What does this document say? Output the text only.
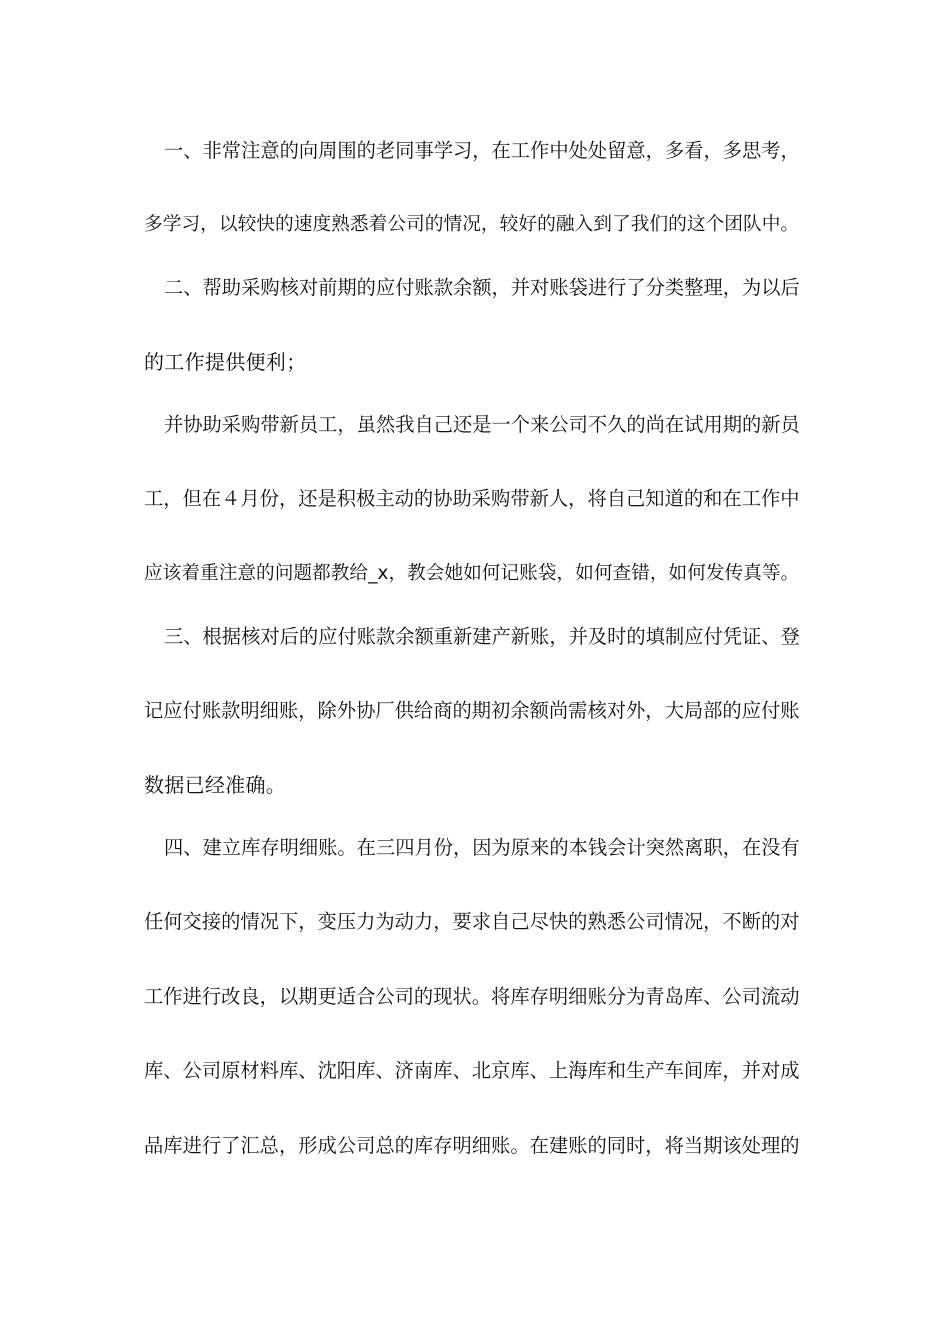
一、非常注意的向周围的老同事学习，在工作中处处留意，多看，多思考，
多学习，以较快的速度熟悉着公司的情况，较好的融入到了我们的这个团队中。
二、帮助采购核对前期的应付账款余额，并对账袋进行了分类整理，为以后
的工作提供便利；
并协助采购带新员工，虽然我自己还是一个来公司不久的尚在试用期的新员
工，但在４月份，还是积极主动的协助采购带新人，将自己知道的和在工作中
应该着重注意的问题都教给_x，教会她如何记账袋，如何查错，如何发传真等。
三、根据核对后的应付账款余额重新建产新账，并及时的填制应付凭证、登
记应付账款明细账，除外协厂供给商的期初余额尚需核对外，大局部的应付账
数据已经准确。
四、建立库存明细账。在三四月份，因为原来的本钱会计突然离职，在没有
任何交接的情况下，变压力为动力，要求自己尽快的熟悉公司情况，不断的对
工作进行改良，以期更适合公司的现状。将库存明细账分为青岛库、公司流动
库、公司原材料库、沈阳库、济南库、北京库、上海库和生产车间库，并对成
品库进行了汇总，形成公司总的库存明细账。在建账的同时，将当期该处理的
